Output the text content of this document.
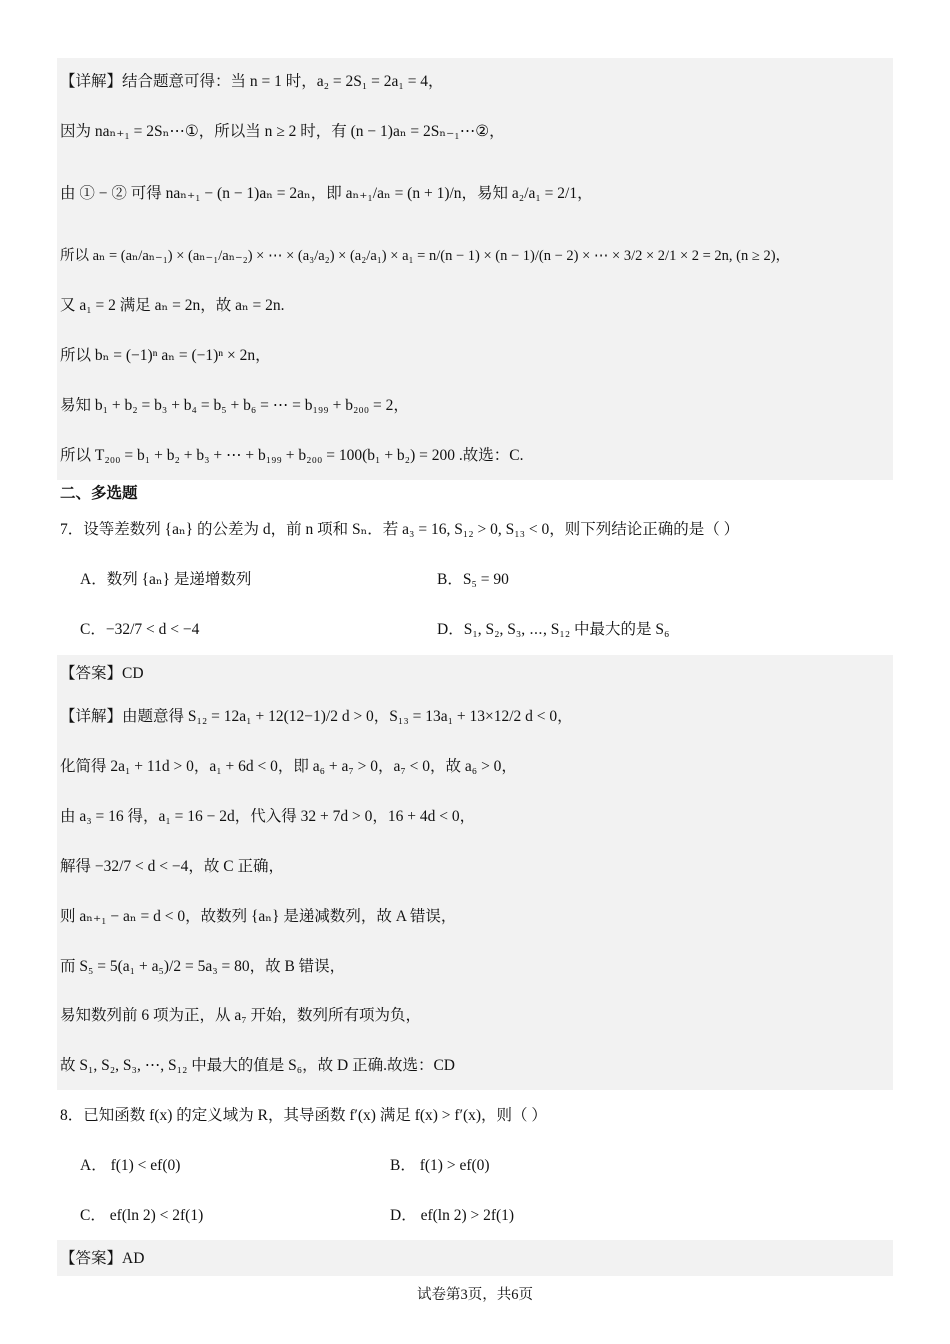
【详解】结合题意可得：当 n = 1 时，a₂ = 2S₁ = 2a₁ = 4，
因为 naₙ₊₁ = 2Sₙ⋯①，所以当 n ≥ 2 时，有 (n − 1)aₙ = 2Sₙ₋₁⋯②，
由 ① − ② 可得 naₙ₊₁ − (n − 1)aₙ = 2aₙ，即 aₙ₊₁/aₙ = (n + 1)/n，易知 a₂/a₁ = 2/1，
所以 aₙ = (aₙ/aₙ₋₁) × (aₙ₋₁/aₙ₋₂) × ⋯ × (a₃/a₂) × (a₂/a₁) × a₁ = n/(n − 1) × (n − 1)/(n − 2) × ⋯ × 3/2 × 2/1 × 2 = 2n, (n ≥ 2)，
又 a₁ = 2 满足 aₙ = 2n，故 aₙ = 2n.
所以 bₙ = (−1)ⁿ aₙ = (−1)ⁿ × 2n，
易知 b₁ + b₂ = b₃ + b₄ = b₅ + b₆ = ⋯ = b₁₉₉ + b₂₀₀ = 2，
所以 T₂₀₀ = b₁ + b₂ + b₃ + ⋯ + b₁₉₉ + b₂₀₀ = 100(b₁ + b₂) = 200 .故选：C.
二、多选题
7．设等差数列 {aₙ} 的公差为 d，前 n 项和 Sₙ．若 a₃ = 16, S₁₂ > 0, S₁₃ < 0，则下列结论正确的是（ ）
A．数列 {aₙ} 是递增数列	B．S₅ = 90
C．−32/7 < d < −4	D．S₁, S₂, S₃, ⋯, S₁₂ 中最大的是 S₆
【答案】CD
【详解】由题意得 S₁₂ = 12a₁ + 12(12−1)/2 d > 0，S₁₃ = 13a₁ + 13×12/2 d < 0，
化简得 2a₁ + 11d > 0，a₁ + 6d < 0，即 a₆ + a₇ > 0，a₇ < 0，故 a₆ > 0，
由 a₃ = 16 得，a₁ = 16 − 2d，代入得 32 + 7d > 0，16 + 4d < 0，
解得 −32/7 < d < −4，故 C 正确，
则 aₙ₊₁ − aₙ = d < 0，故数列 {aₙ} 是递减数列，故 A 错误，
而 S₅ = 5(a₁ + a₅)/2 = 5a₃ = 80，故 B 错误，
易知数列前 6 项为正，从 a₇ 开始，数列所有项为负，
故 S₁, S₂, S₃, ⋯, S₁₂ 中最大的值是 S₆，故 D 正确.故选：CD
8．已知函数 f(x) 的定义域为 R，其导函数 f′(x) 满足 f(x) > f′(x)，则（ ）
A． f(1) < ef(0)	B． f(1) > ef(0)
C． ef(ln 2) < 2f(1)	D． ef(ln 2) > 2f(1)
【答案】AD
试卷第3页，共6页
